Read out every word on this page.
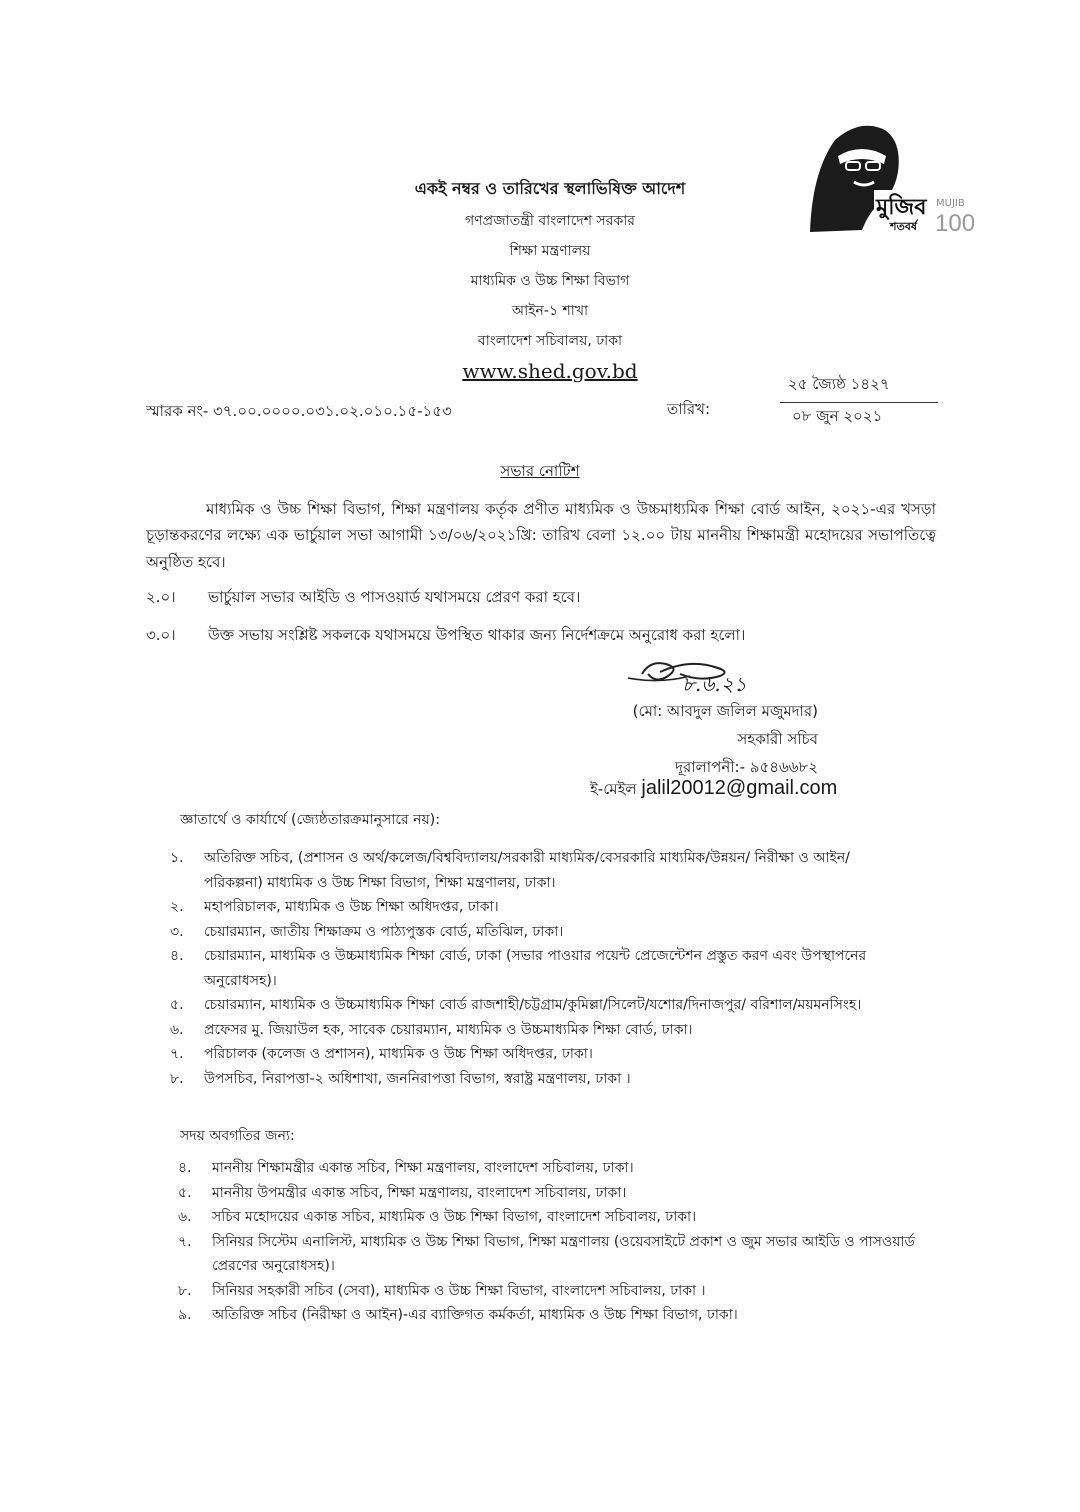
একই নম্বর ও তারিখের স্থলাভিষিক্ত আদেশ
গণপ্রজাতন্ত্রী বাংলাদেশ সরকার
শিক্ষা মন্ত্রণালয়
মাধ্যমিক ও উচ্চ শিক্ষা বিভাগ
আইন-১ শাখা
বাংলাদেশ সচিবালয়, ঢাকা
www.shed.gov.bd
মুজিব
শতবর্ষ
MUJIB
100
২৫ জ্যৈষ্ঠ ১৪২৭
০৮ জুন ২০২১
তারিখ:
স্মারক নং- ৩৭.০০.০০০০.০৩১.০২.০১০.১৫-১৫৩
সভার নোটিশ
মাধ্যমিক ও উচ্চ শিক্ষা বিভাগ, শিক্ষা মন্ত্রণালয় কর্তৃক প্রণীত মাধ্যমিক ও উচ্চমাধ্যমিক শিক্ষা বোর্ড আইন, ২০২১-এর খসড়া চূড়ান্তকরণের লক্ষ্যে এক ভার্চুয়াল সভা আগামী ১৩/০৬/২০২১খ্রি: তারিখ বেলা ১২.০০ টায় মাননীয় শিক্ষামন্ত্রী মহোদয়ের সভাপতিত্বে অনুষ্ঠিত হবে।
২.০। ভার্চুয়াল সভার আইডি ও পাসওয়ার্ড যথাসময়ে প্রেরণ করা হবে।
৩.০। উক্ত সভায় সংশ্লিষ্ট সকলকে যথাসময়ে উপস্থিত থাকার জন্য নির্দেশক্রমে অনুরোধ করা হলো।
৮.৬.২১
(মো: আবদুল জলিল মজুমদার)
সহকারী সচিব
দূরালাপনী:- ৯৫৪৬৬৮২
ই-মেইল jalil20012@gmail.com
জ্ঞাতার্থে ও কার্যার্থে (জ্যেষ্ঠতারক্রমানুসারে নয়):
১.	অতিরিক্ত সচিব, (প্রশাসন ও অর্থ/কলেজ/বিশ্ববিদ্যালয়/সরকারী মাধ্যমিক/বেসরকারি মাধ্যমিক/উন্নয়ন/ নিরীক্ষা ও আইন/ পরিকল্পনা) মাধ্যমিক ও উচ্চ শিক্ষা বিভাগ, শিক্ষা মন্ত্রণালয়, ঢাকা।
২.	মহাপরিচালক, মাধ্যমিক ও উচ্চ শিক্ষা অধিদপ্তর, ঢাকা।
৩.	চেয়ারম্যান, জাতীয় শিক্ষাক্রম ও পাঠ্যপুস্তক বোর্ড, মতিঝিল, ঢাকা।
৪.	চেয়ারম্যান, মাধ্যমিক ও উচ্চমাধ্যমিক শিক্ষা বোর্ড, ঢাকা (সভার পাওয়ার পয়েন্ট প্রেজেন্টেশন প্রস্তুত করণ এবং উপস্থাপনের অনুরোধসহ)।
৫.	চেয়ারম্যান, মাধ্যমিক ও উচ্চমাধ্যমিক শিক্ষা বোর্ড রাজশাহী/চট্টগ্রাম/কুমিল্লা/সিলেট/যশোর/দিনাজপুর/ বরিশাল/ময়মনসিংহ।
৬.	প্রফেসর মু. জিয়াউল হক, সাবেক চেয়ারম্যান, মাধ্যমিক ও উচ্চমাধ্যমিক শিক্ষা বোর্ড, ঢাকা।
৭.	পরিচালক (কলেজ ও প্রশাসন), মাধ্যমিক ও উচ্চ শিক্ষা অধিদপ্তর, ঢাকা।
৮.	উপসচিব, নিরাপত্তা-২ অধিশাখা, জননিরাপত্তা বিভাগ, স্বরাষ্ট্র মন্ত্রণালয়, ঢাকা ।
সদয় অবগতির জন্য:
৪.	মাননীয় শিক্ষামন্ত্রীর একান্ত সচিব, শিক্ষা মন্ত্রণালয়, বাংলাদেশ সচিবালয়, ঢাকা।
৫.	মাননীয় উপমন্ত্রীর একান্ত সচিব, শিক্ষা মন্ত্রণালয়, বাংলাদেশ সচিবালয়, ঢাকা।
৬.	সচিব মহোদয়ের একান্ত সচিব, মাধ্যমিক ও উচ্চ শিক্ষা বিভাগ, বাংলাদেশ সচিবালয়, ঢাকা।
৭.	সিনিয়র সিস্টেম এনালিস্ট, মাধ্যমিক ও উচ্চ শিক্ষা বিভাগ, শিক্ষা মন্ত্রণালয় (ওয়েবসাইটে প্রকাশ ও জুম সভার আইডি ও পাসওয়ার্ড প্রেরণের অনুরোধসহ)।
৮.	সিনিয়র সহকারী সচিব (সেবা), মাধ্যমিক ও উচ্চ শিক্ষা বিভাগ, বাংলাদেশ সচিবালয়, ঢাকা ।
৯.	অতিরিক্ত সচিব (নিরীক্ষা ও আইন)-এর ব্যাক্তিগত কর্মকর্তা, মাধ্যমিক ও উচ্চ শিক্ষা বিভাগ, ঢাকা।
